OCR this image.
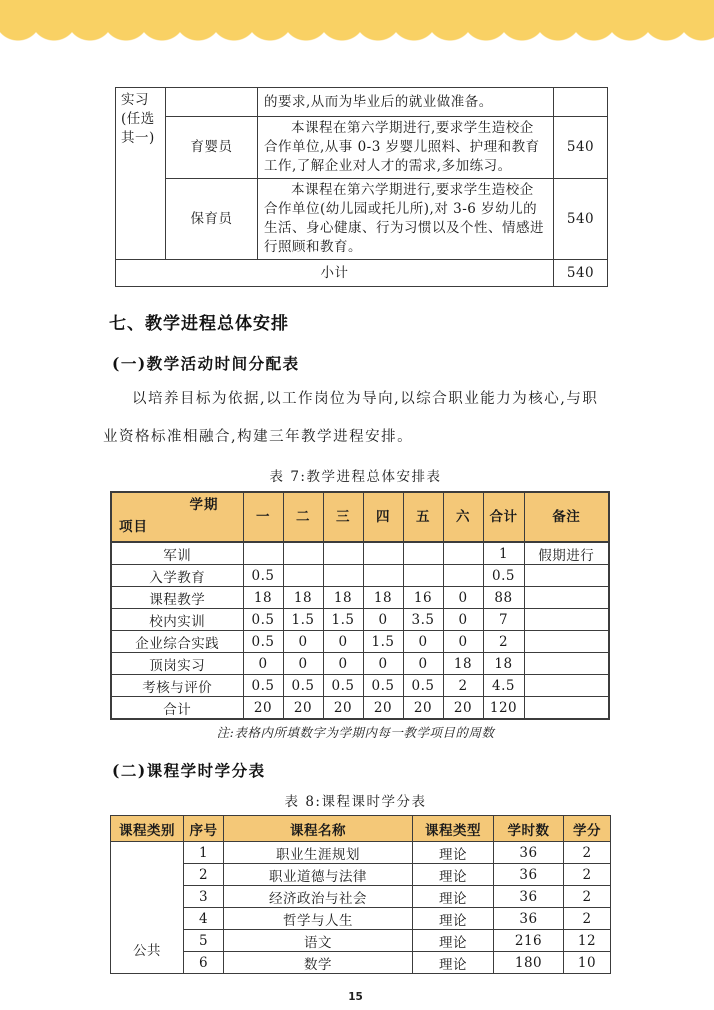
实习(任选其一)		的要求,从而为毕业后的就业做准备。	
	育婴员	本课程在第六学期进行,要求学生造校企合作单位,从事 0-3 岁婴儿照料、护理和教育工作,了解企业对人才的需求,多加练习。	540
	保育员	本课程在第六学期进行,要求学生造校企合作单位(幼儿园或托儿所),对 3-6 岁幼儿的生活、身心健康、行为习惯以及个性、情感进行照顾和教育。	540
小计			540
七、教学进程总体安排
(一)教学活动时间分配表

以培养目标为依据,以工作岗位为导向,以综合职业能力为核心,与职业资格标准相融合,构建三年教学进程安排。

表 7:教学进程总体安排表
学期
项目	一	二	三	四	五	六	合计	备注
军训							1	假期进行
入学教育	0.5						0.5	
课程教学	18	18	18	18	16	0	88	
校内实训	0.5	1.5	1.5	0	3.5	0	7	
企业综合实践	0.5	0	0	1.5	0	0	2	
顶岗实习	0	0	0	0	0	18	18	
考核与评价	0.5	0.5	0.5	0.5	0.5	2	4.5	
合计	20	20	20	20	20	20	120	
注:表格内所填数字为学期内每一教学项目的周数
(二)课程学时学分表
表 8:课程课时学分表
课程类别	序号	课程名称	课程类型	学时数	学分
公共	1	职业生涯规划	理论	36	2
	2	职业道德与法律	理论	36	2
	3	经济政治与社会	理论	36	2
	4	哲学与人生	理论	36	2
	5	语文	理论	216	12
	6	数学	理论	180	10
15
